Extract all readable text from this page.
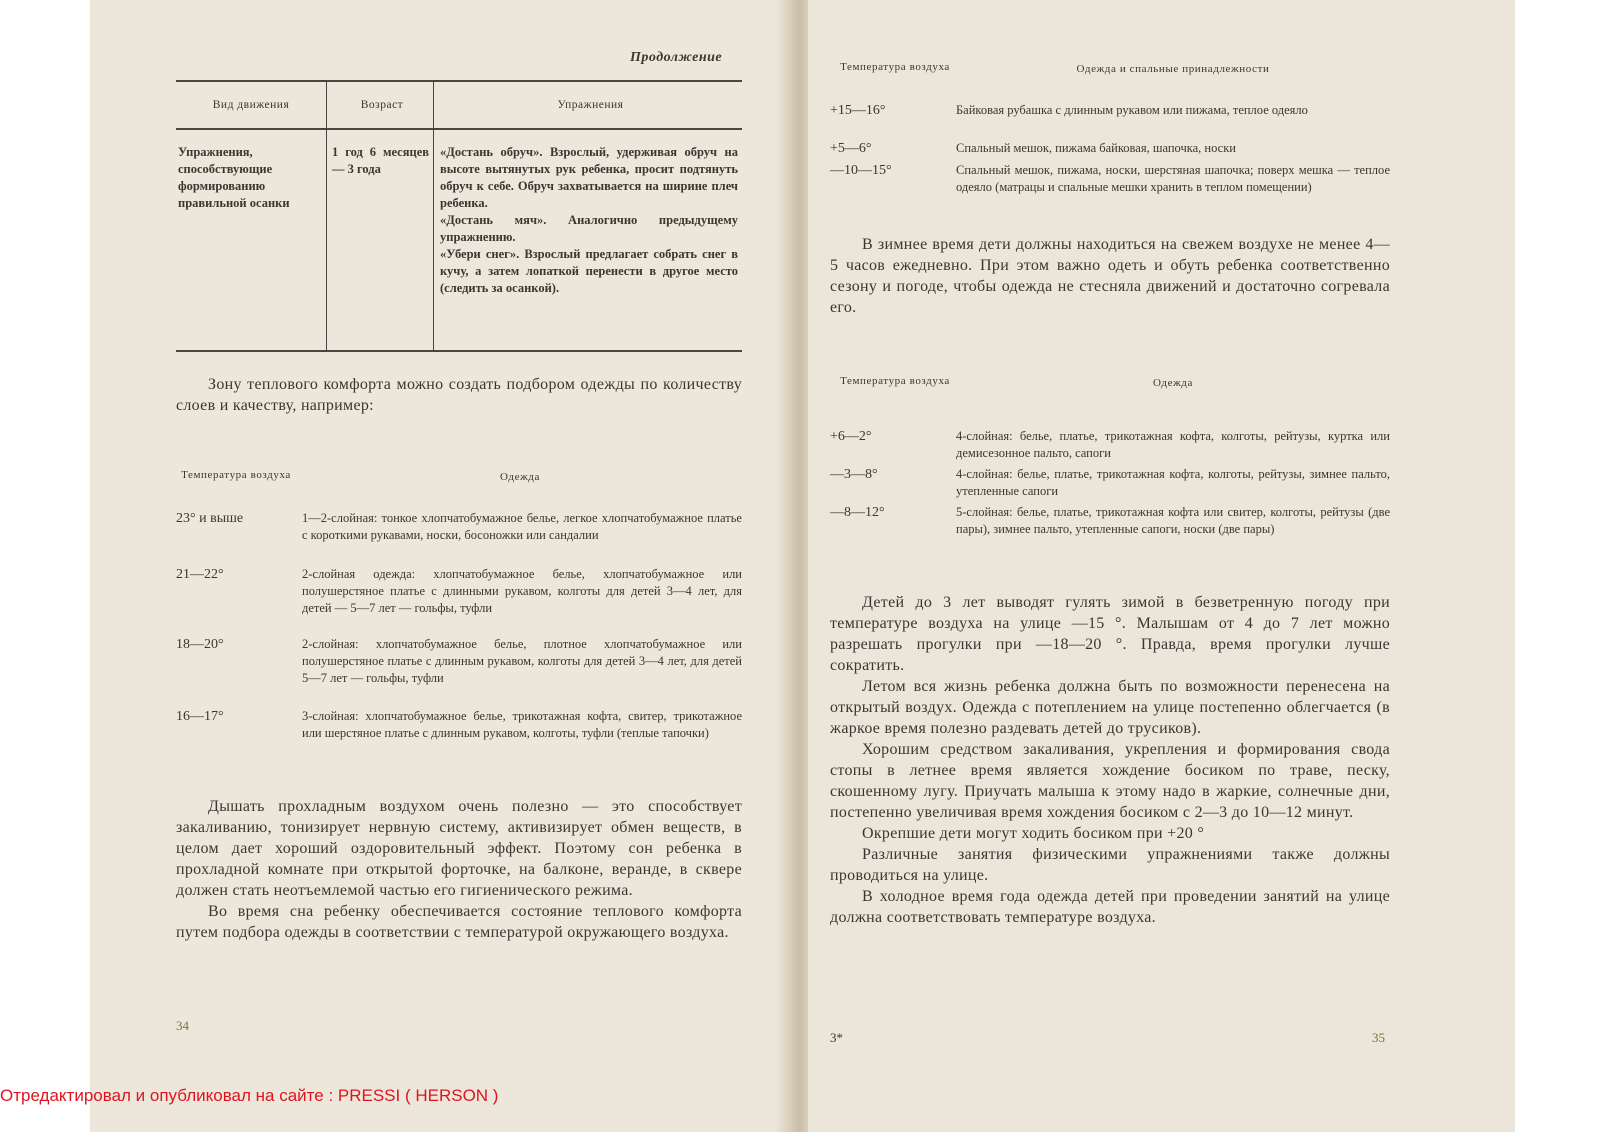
Продолжение
Вид движения	Возраст	Упражнения
Упражнения, способствующие формированию правильной осанки	1 год 6 месяцев — 3 года	«Достань обруч». Взрослый, удерживая обруч на высоте вытянутых рук ребенка, просит подтянуть обруч к себе. Обруч захватывается на ширине плеч ребенка.
«Достань мяч». Аналогично предыдущему упражнению.
«Убери снег». Взрослый предлагает собрать снег в кучу, а затем лопаткой перенести в другое место (следить за осанкой).

Зону теплового комфорта можно создать подбором одежды по количеству слоев и качеству, например:

Температура воздуха	Одежда
23° и выше	1—2-слойная: тонкое хлопчатобумажное белье, легкое хлопчатобумажное платье с короткими рукавами, носки, босоножки или сандалии
21—22°	2-слойная одежда: хлопчатобумажное белье, хлопчатобумажное или полушерстяное платье с длинными рукавом, колготы для детей 3—4 лет, для детей — 5—7 лет — гольфы, туфли
18—20°	2-слойная: хлопчатобумажное белье, плотное хлопчатобумажное или полушерстяное платье с длинным рукавом, колготы для детей 3—4 лет, для детей 5—7 лет — гольфы, туфли
16—17°	3-слойная: хлопчатобумажное белье, трикотажная кофта, свитер, трикотажное или шерстяное платье с длинным рукавом, колготы, туфли (теплые тапочки)

Дышать прохладным воздухом очень полезно — это способствует закаливанию, тонизирует нервную систему, активизирует обмен веществ, в целом дает хороший оздоровительный эффект. Поэтому сон ребенка в прохладной комнате при открытой форточке, на балконе, веранде, в сквере должен стать неотъемлемой частью его гигиенического режима.

Во время сна ребенку обеспечивается состояние теплового комфорта путем подбора одежды в соответствии с температурой окружающего воздуха.

34
Температура воздуха	Одежда и спальные принадлежности
+15—16°	Байковая рубашка с длинным рукавом или пижама, теплое одеяло
+5—6°	Спальный мешок, пижама байковая, шапочка, носки
—10—15°	Спальный мешок, пижама, носки, шерстяная шапочка; поверх мешка — теплое одеяло (матрацы и спальные мешки хранить в теплом помещении)

В зимнее время дети должны находиться на свежем воздухе не менее 4—5 часов ежедневно. При этом важно одеть и обуть ребенка соответственно сезону и погоде, чтобы одежда не стесняла движений и достаточно согревала его.

Температура воздуха	Одежда
+6—2°	4-слойная: белье, платье, трикотажная кофта, колготы, рейтузы, куртка или демисезонное пальто, сапоги
—3—8°	4-слойная: белье, платье, трикотажная кофта, колготы, рейтузы, зимнее пальто, утепленные сапоги
—8—12°	5-слойная: белье, платье, трикотажная кофта или свитер, колготы, рейтузы (две пары), зимнее пальто, утепленные сапоги, носки (две пары)

Детей до 3 лет выводят гулять зимой в безветренную погоду при температуре воздуха на улице —15 °. Малышам от 4 до 7 лет можно разрешать прогулки при —18—20 °. Правда, время прогулки лучше сократить.

Летом вся жизнь ребенка должна быть по возможности перенесена на открытый воздух. Одежда с потеплением на улице постепенно облегчается (в жаркое время полезно раздевать детей до трусиков).

Хорошим средством закаливания, укрепления и формирования свода стопы в летнее время является хождение босиком по траве, песку, скошенному лугу. Приучать малыша к этому надо в жаркие, солнечные дни, постепенно увеличивая время хождения босиком с 2—3 до 10—12 минут.

Окрепшие дети могут ходить босиком при +20 °

Различные занятия физическими упражнениями также должны проводиться на улице.

В холодное время года одежда детей при проведении занятий на улице должна соответствовать температуре воздуха.

3*	35
Отредактировал и опубликовал на сайте : PRESSI ( HERSON )
